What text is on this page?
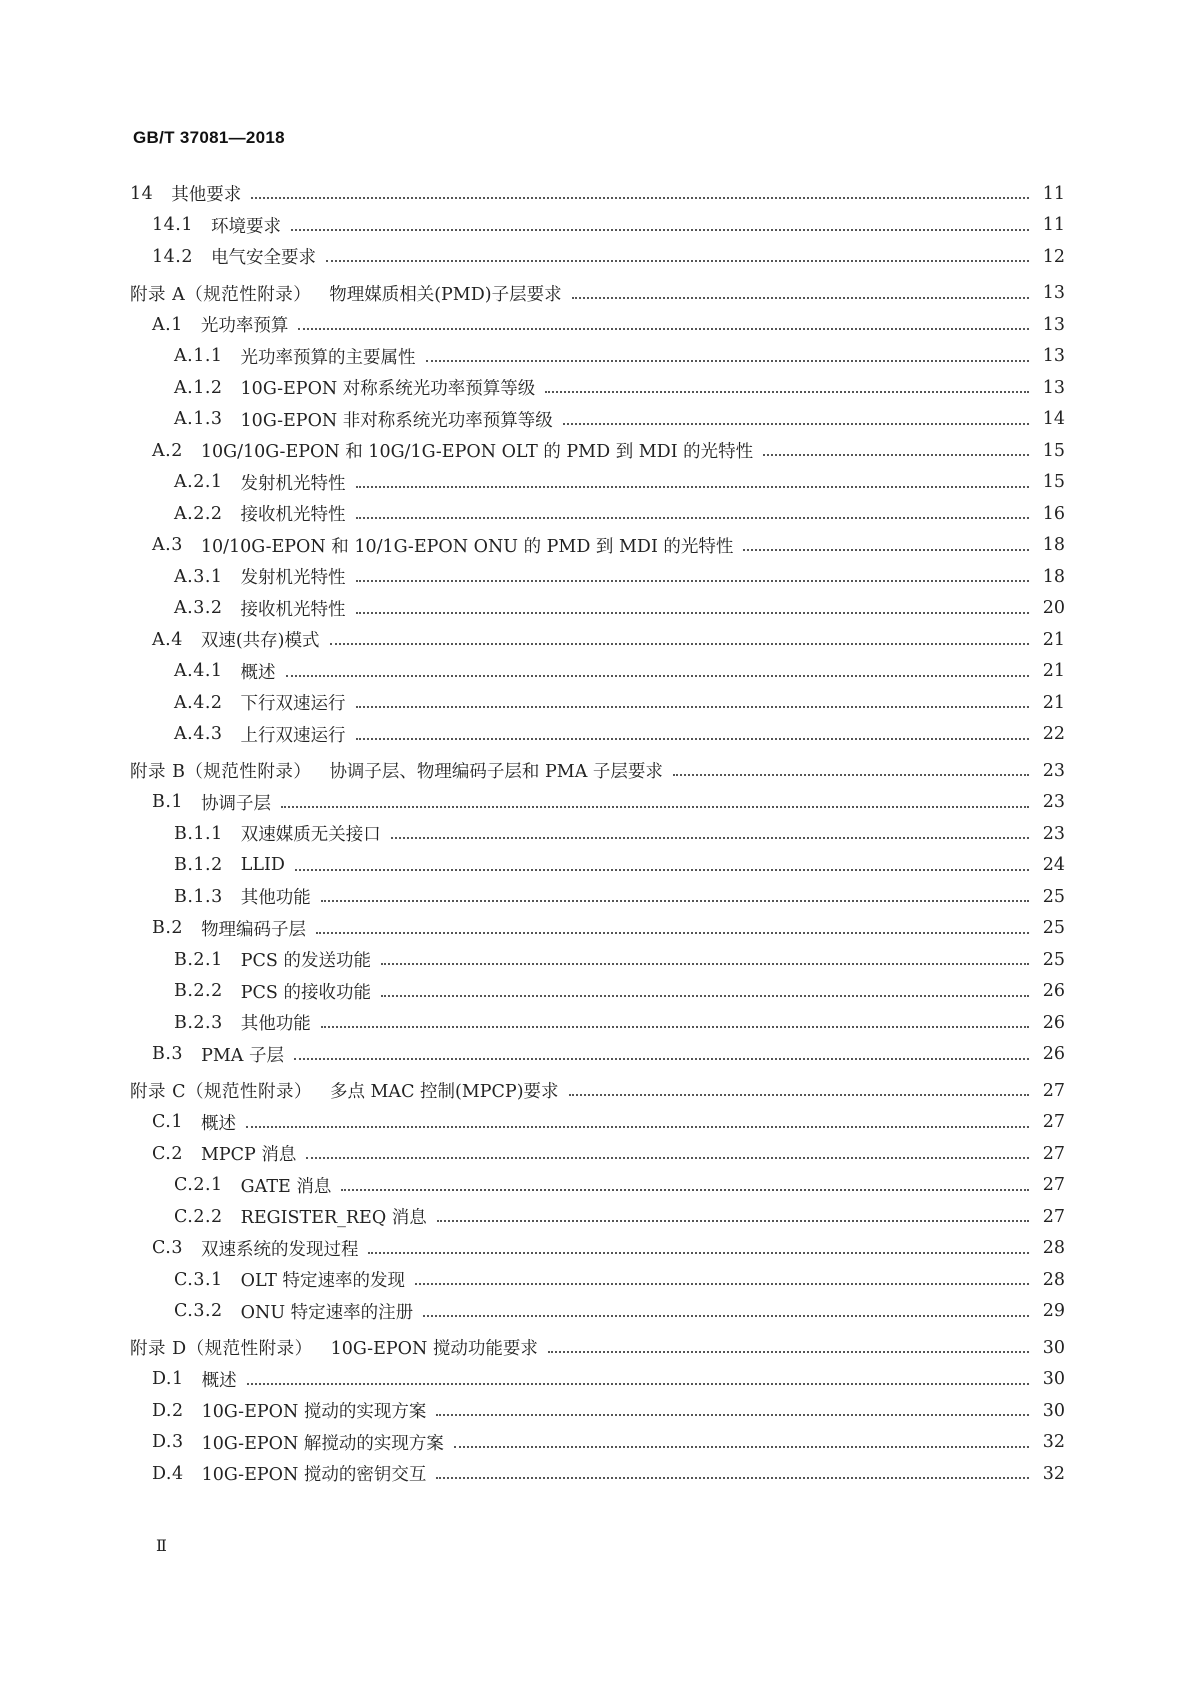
GB/T 37081—2018
14 其他要求	11
14.1 环境要求	11
14.2 电气安全要求	12
附录 A（规范性附录） 物理媒质相关(PMD)子层要求	13
A.1 光功率预算	13
A.1.1 光功率预算的主要属性	13
A.1.2 10G-EPON 对称系统光功率预算等级	13
A.1.3 10G-EPON 非对称系统光功率预算等级	14
A.2 10G/10G-EPON 和 10G/1G-EPON OLT 的 PMD 到 MDI 的光特性	15
A.2.1 发射机光特性	15
A.2.2 接收机光特性	16
A.3 10/10G-EPON 和 10/1G-EPON ONU 的 PMD 到 MDI 的光特性	18
A.3.1 发射机光特性	18
A.3.2 接收机光特性	20
A.4 双速(共存)模式	21
A.4.1 概述	21
A.4.2 下行双速运行	21
A.4.3 上行双速运行	22
附录 B（规范性附录） 协调子层、物理编码子层和 PMA 子层要求	23
B.1 协调子层	23
B.1.1 双速媒质无关接口	23
B.1.2 LLID	24
B.1.3 其他功能	25
B.2 物理编码子层	25
B.2.1 PCS 的发送功能	25
B.2.2 PCS 的接收功能	26
B.2.3 其他功能	26
B.3 PMA 子层	26
附录 C（规范性附录） 多点 MAC 控制(MPCP)要求	27
C.1 概述	27
C.2 MPCP 消息	27
C.2.1 GATE 消息	27
C.2.2 REGISTER_REQ 消息	27
C.3 双速系统的发现过程	28
C.3.1 OLT 特定速率的发现	28
C.3.2 ONU 特定速率的注册	29
附录 D（规范性附录） 10G-EPON 搅动功能要求	30
D.1 概述	30
D.2 10G-EPON 搅动的实现方案	30
D.3 10G-EPON 解搅动的实现方案	32
D.4 10G-EPON 搅动的密钥交互	32
Ⅱ
